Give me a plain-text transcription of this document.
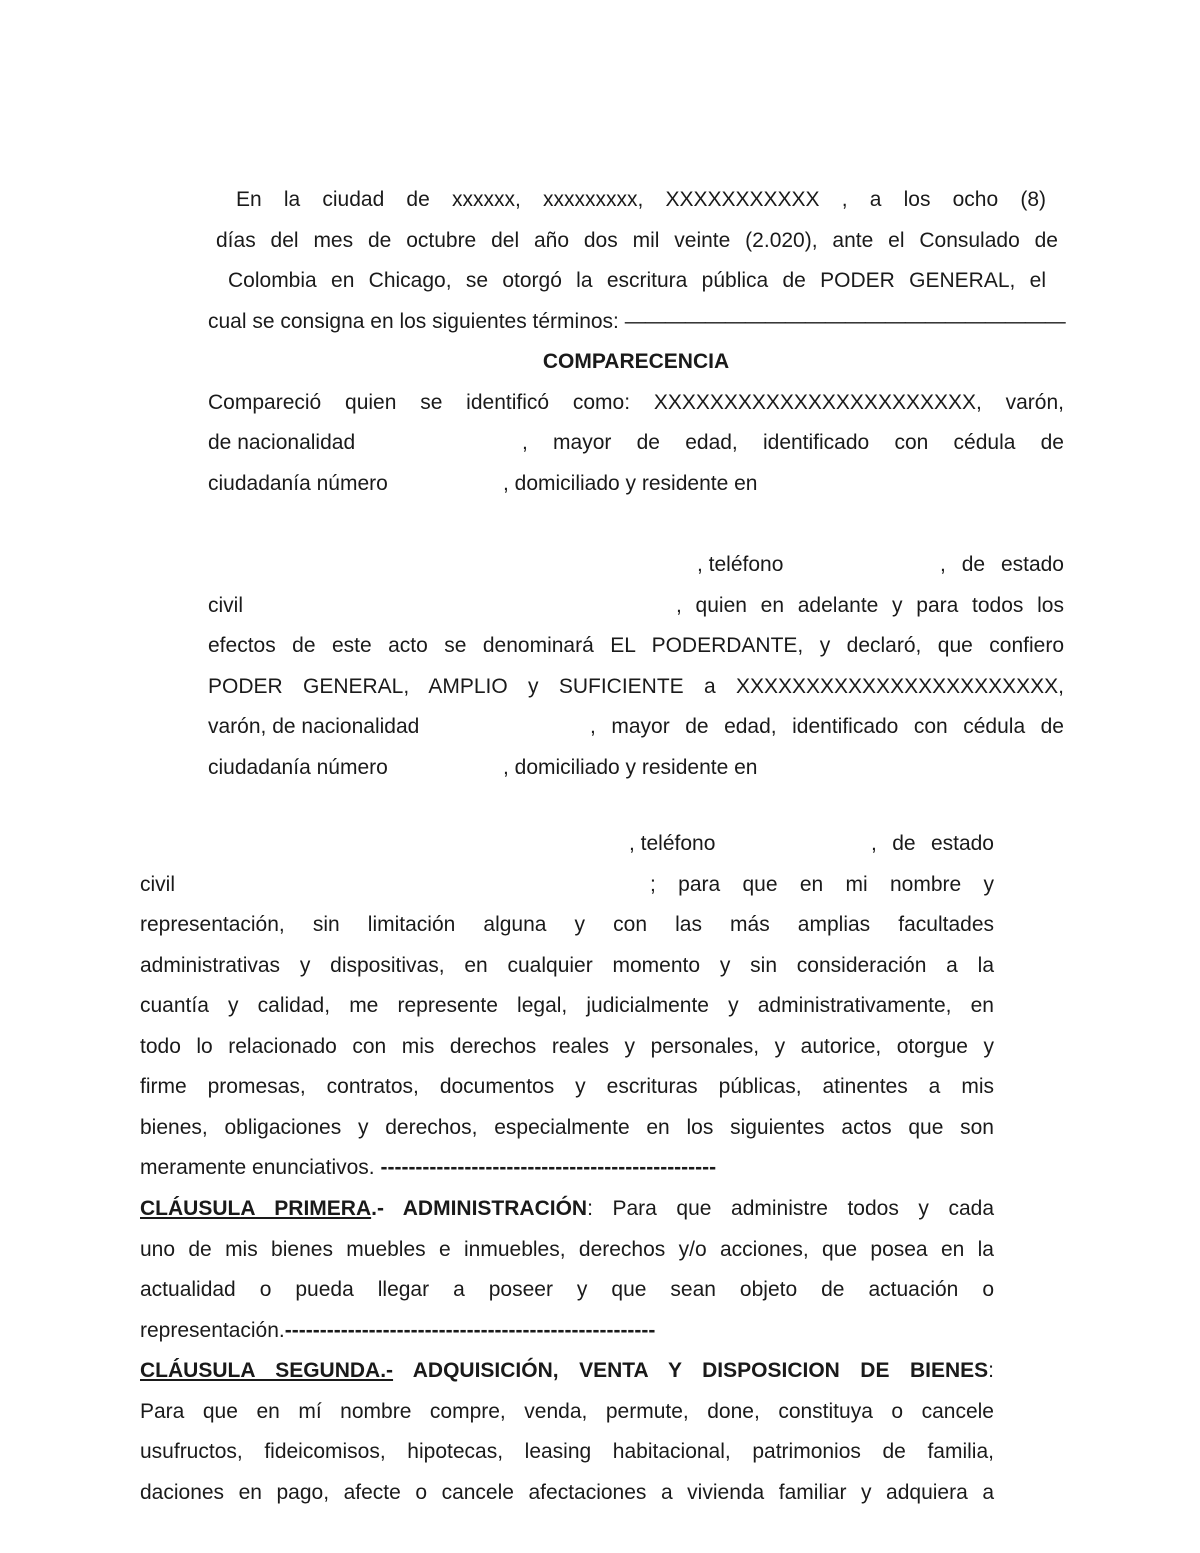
En la ciudad de xxxxxx, xxxxxxxxx, XXXXXXXXXXX , a los ocho (8)
días del mes de octubre del año dos mil veinte (2.020), ante el Consulado de
Colombia en Chicago, se otorgó la escritura pública de PODER GENERAL, el
cual se consigna en los siguientes términos: ——————————————————————
COMPARECENCIA
Compareció quien se identificó como: XXXXXXXXXXXXXXXXXXXXXXX, varón,
de nacionalidad	, mayor de edad, identificado con cédula de
ciudadanía número	, domiciliado y residente en
, teléfono	, de estado
civil	, quien en adelante y para todos los
efectos de este acto se denominará EL PODERDANTE, y declaró, que confiero
PODER GENERAL, AMPLIO y SUFICIENTE a XXXXXXXXXXXXXXXXXXXXXXX,
varón, de nacionalidad	, mayor de edad, identificado con cédula de
ciudadanía número	, domiciliado y residente en
, teléfono	, de estado
civil	; para que en mi nombre y
representación, sin limitación alguna y con las más amplias facultades
administrativas y dispositivas, en cualquier momento y sin consideración a la
cuantía y calidad, me represente legal, judicialmente y administrativamente, en
todo lo relacionado con mis derechos reales y personales, y autorice, otorgue y
firme promesas, contratos, documentos y escrituras públicas, atinentes a mis
bienes, obligaciones y derechos, especialmente en los siguientes actos que son
meramente enunciativos. ------------------------------------------------
CLÁUSULA PRIMERA.- ADMINISTRACIÓN: Para que administre todos y cada
uno de mis bienes muebles e inmuebles, derechos y/o acciones, que posea en la
actualidad o pueda llegar a poseer y que sean objeto de actuación o
representación.-----------------------------------------------------
CLÁUSULA SEGUNDA.- ADQUISICIÓN, VENTA Y DISPOSICION DE BIENES:
Para que en mí nombre compre, venda, permute, done, constituya o cancele
usufructos, fideicomisos, hipotecas, leasing habitacional, patrimonios de familia,
daciones en pago, afecte o cancele afectaciones a vivienda familiar y adquiera a
